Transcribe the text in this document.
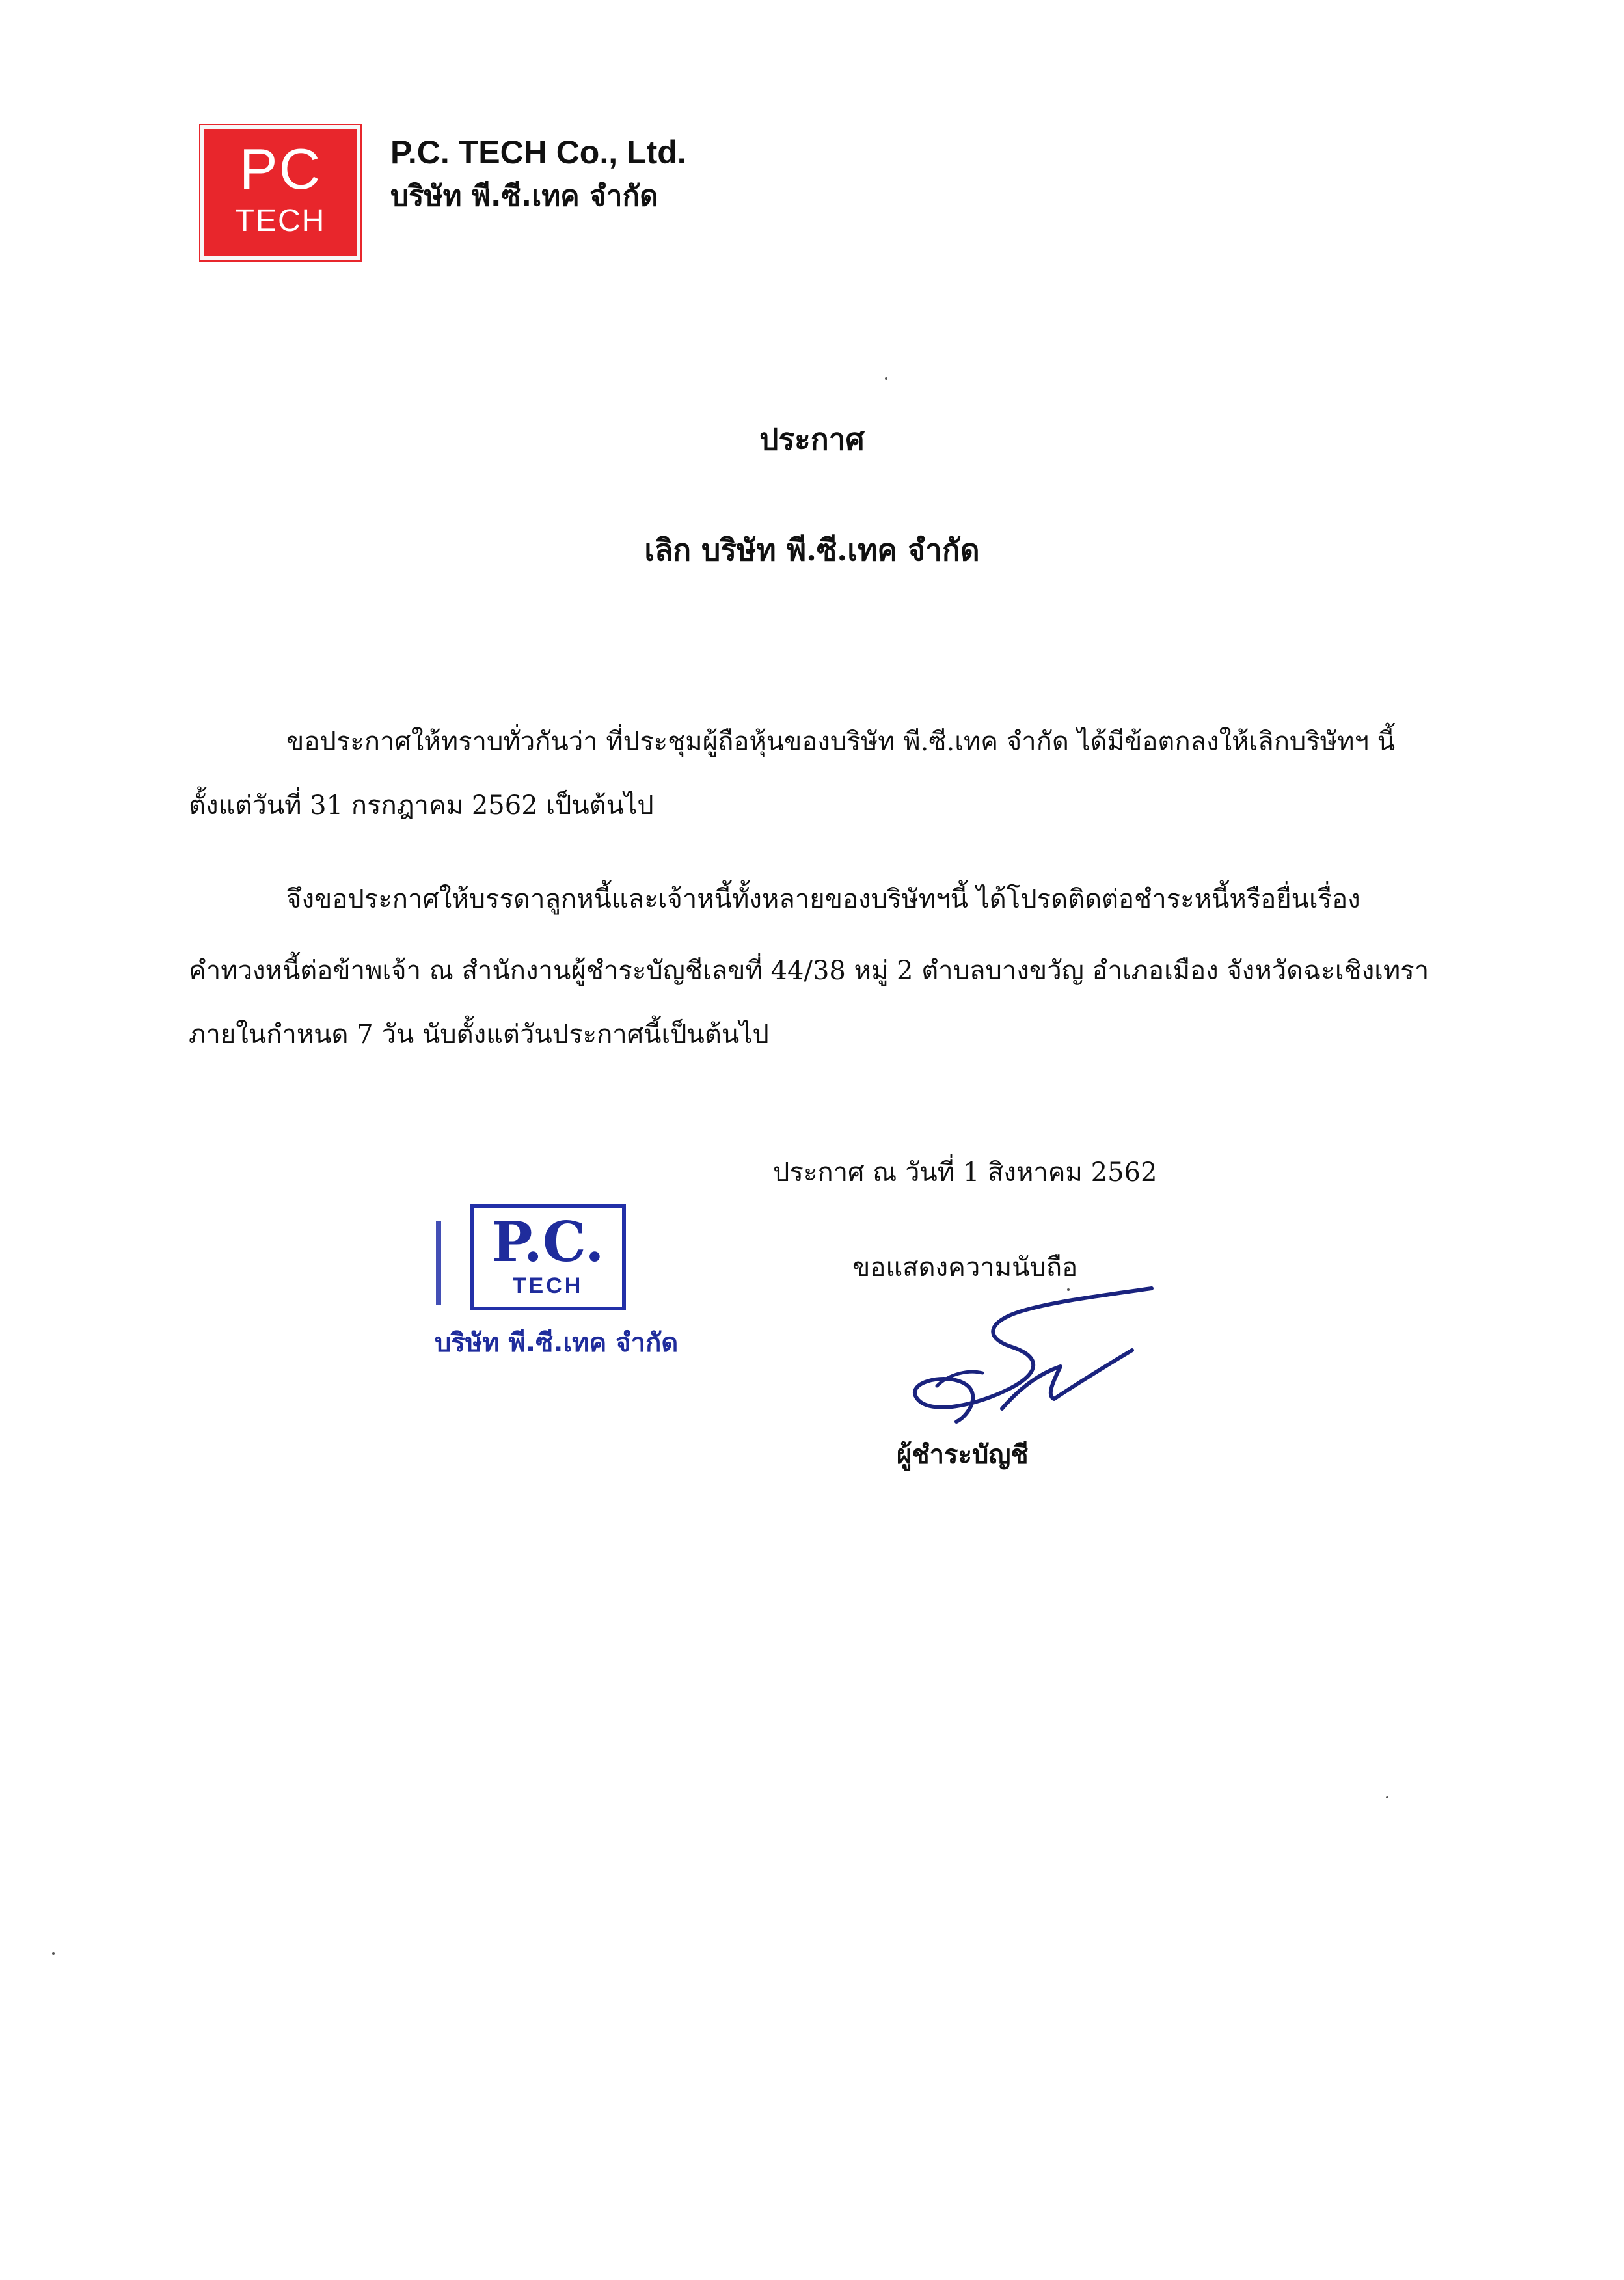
PC
TECH
P.C. TECH Co., Ltd.
บริษัท พี.ซี.เทค จำกัด
ประกาศ
เลิก บริษัท พี.ซี.เทค จำกัด
ขอประกาศให้ทราบทั่วกันว่า ที่ประชุมผู้ถือหุ้นของบริษัท พี.ซี.เทค จำกัด ได้มีข้อตกลงให้เลิกบริษัทฯ นี้
ตั้งแต่วันที่ 31 กรกฎาคม 2562 เป็นต้นไป
จึงขอประกาศให้บรรดาลูกหนี้และเจ้าหนี้ทั้งหลายของบริษัทฯนี้ ได้โปรดติดต่อชำระหนี้หรือยื่นเรื่อง
คำทวงหนี้ต่อข้าพเจ้า ณ สำนักงานผู้ชำระบัญชีเลขที่ 44/38 หมู่ 2 ตำบลบางขวัญ อำเภอเมือง จังหวัดฉะเชิงเทรา
ภายในกำหนด 7 วัน นับตั้งแต่วันประกาศนี้เป็นต้นไป
ประกาศ ณ วันที่ 1 สิงหาคม 2562
ขอแสดงความนับถือ
ผู้ชำระบัญชี
P.C.
TECH
บริษัท พี.ซี.เทค จำกัด
